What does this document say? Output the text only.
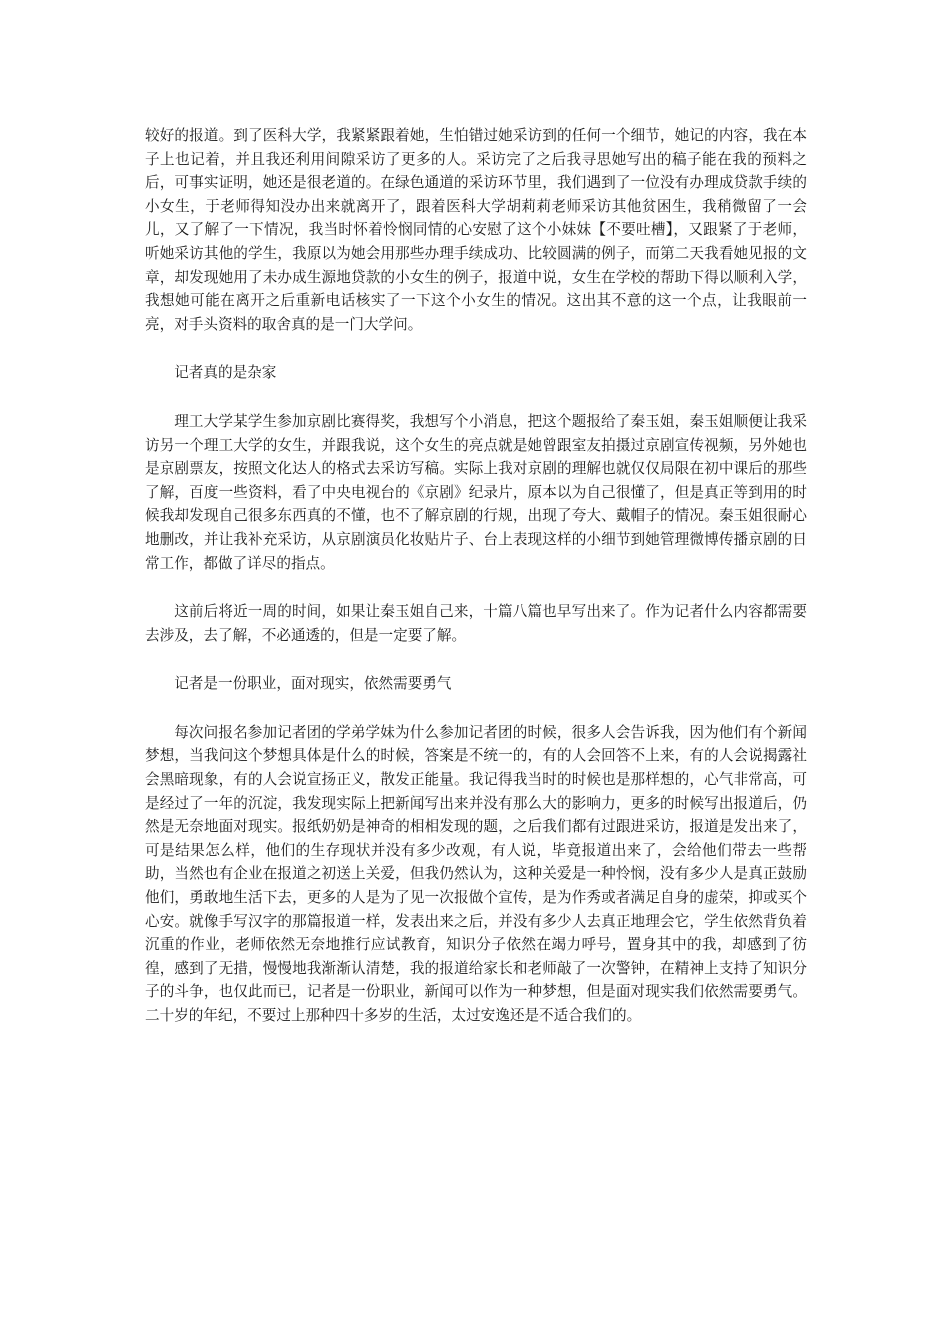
较好的报道。到了医科大学，我紧紧跟着她，生怕错过她采访到的任何一个细节，她记的内容，我在本子上也记着，并且我还利用间隙采访了更多的人。采访完了之后我寻思她写出的稿子能在我的预料之后，可事实证明，她还是很老道的。在绿色通道的采访环节里，我们遇到了一位没有办理成贷款手续的小女生，于老师得知没办出来就离开了，跟着医科大学胡莉莉老师采访其他贫困生，我稍微留了一会儿，又了解了一下情况，我当时怀着怜悯同情的心安慰了这个小妹妹【不要吐槽】，又跟紧了于老师，听她采访其他的学生，我原以为她会用那些办理手续成功、比较圆满的例子，而第二天我看她见报的文章，却发现她用了未办成生源地贷款的小女生的例子，报道中说，女生在学校的帮助下得以顺利入学，我想她可能在离开之后重新电话核实了一下这个小女生的情况。这出其不意的这一个点，让我眼前一亮，对手头资料的取舍真的是一门大学问。

记者真的是杂家

理工大学某学生参加京剧比赛得奖，我想写个小消息，把这个题报给了秦玉姐，秦玉姐顺便让我采访另一个理工大学的女生，并跟我说，这个女生的亮点就是她曾跟室友拍摄过京剧宣传视频，另外她也是京剧票友，按照文化达人的格式去采访写稿。实际上我对京剧的理解也就仅仅局限在初中课后的那些了解，百度一些资料，看了中央电视台的《京剧》纪录片，原本以为自己很懂了，但是真正等到用的时候我却发现自己很多东西真的不懂，也不了解京剧的行规，出现了夸大、戴帽子的情况。秦玉姐很耐心地删改，并让我补充采访，从京剧演员化妆贴片子、台上表现这样的小细节到她管理微博传播京剧的日常工作，都做了详尽的指点。

这前后将近一周的时间，如果让秦玉姐自己来，十篇八篇也早写出来了。作为记者什么内容都需要去涉及，去了解，不必通透的，但是一定要了解。

记者是一份职业，面对现实，依然需要勇气

每次问报名参加记者团的学弟学妹为什么参加记者团的时候，很多人会告诉我，因为他们有个新闻梦想，当我问这个梦想具体是什么的时候，答案是不统一的，有的人会回答不上来，有的人会说揭露社会黑暗现象，有的人会说宣扬正义，散发正能量。我记得我当时的时候也是那样想的，心气非常高，可是经过了一年的沉淀，我发现实际上把新闻写出来并没有那么大的影响力，更多的时候写出报道后，仍然是无奈地面对现实。报纸奶奶是神奇的相相发现的题，之后我们都有过跟进采访，报道是发出来了，可是结果怎么样，他们的生存现状并没有多少改观，有人说，毕竟报道出来了，会给他们带去一些帮助，当然也有企业在报道之初送上关爱，但我仍然认为，这种关爱是一种怜悯，没有多少人是真正鼓励他们，勇敢地生活下去，更多的人是为了见一次报做个宣传，是为作秀或者满足自身的虚荣，抑或买个心安。就像手写汉字的那篇报道一样，发表出来之后，并没有多少人去真正地理会它，学生依然背负着沉重的作业，老师依然无奈地推行应试教育，知识分子依然在竭力呼号，置身其中的我，却感到了彷徨，感到了无措，慢慢地我渐渐认清楚，我的报道给家长和老师敲了一次警钟，在精神上支持了知识分子的斗争，也仅此而已，记者是一份职业，新闻可以作为一种梦想，但是面对现实我们依然需要勇气。二十岁的年纪，不要过上那种四十多岁的生活，太过安逸还是不适合我们的。
